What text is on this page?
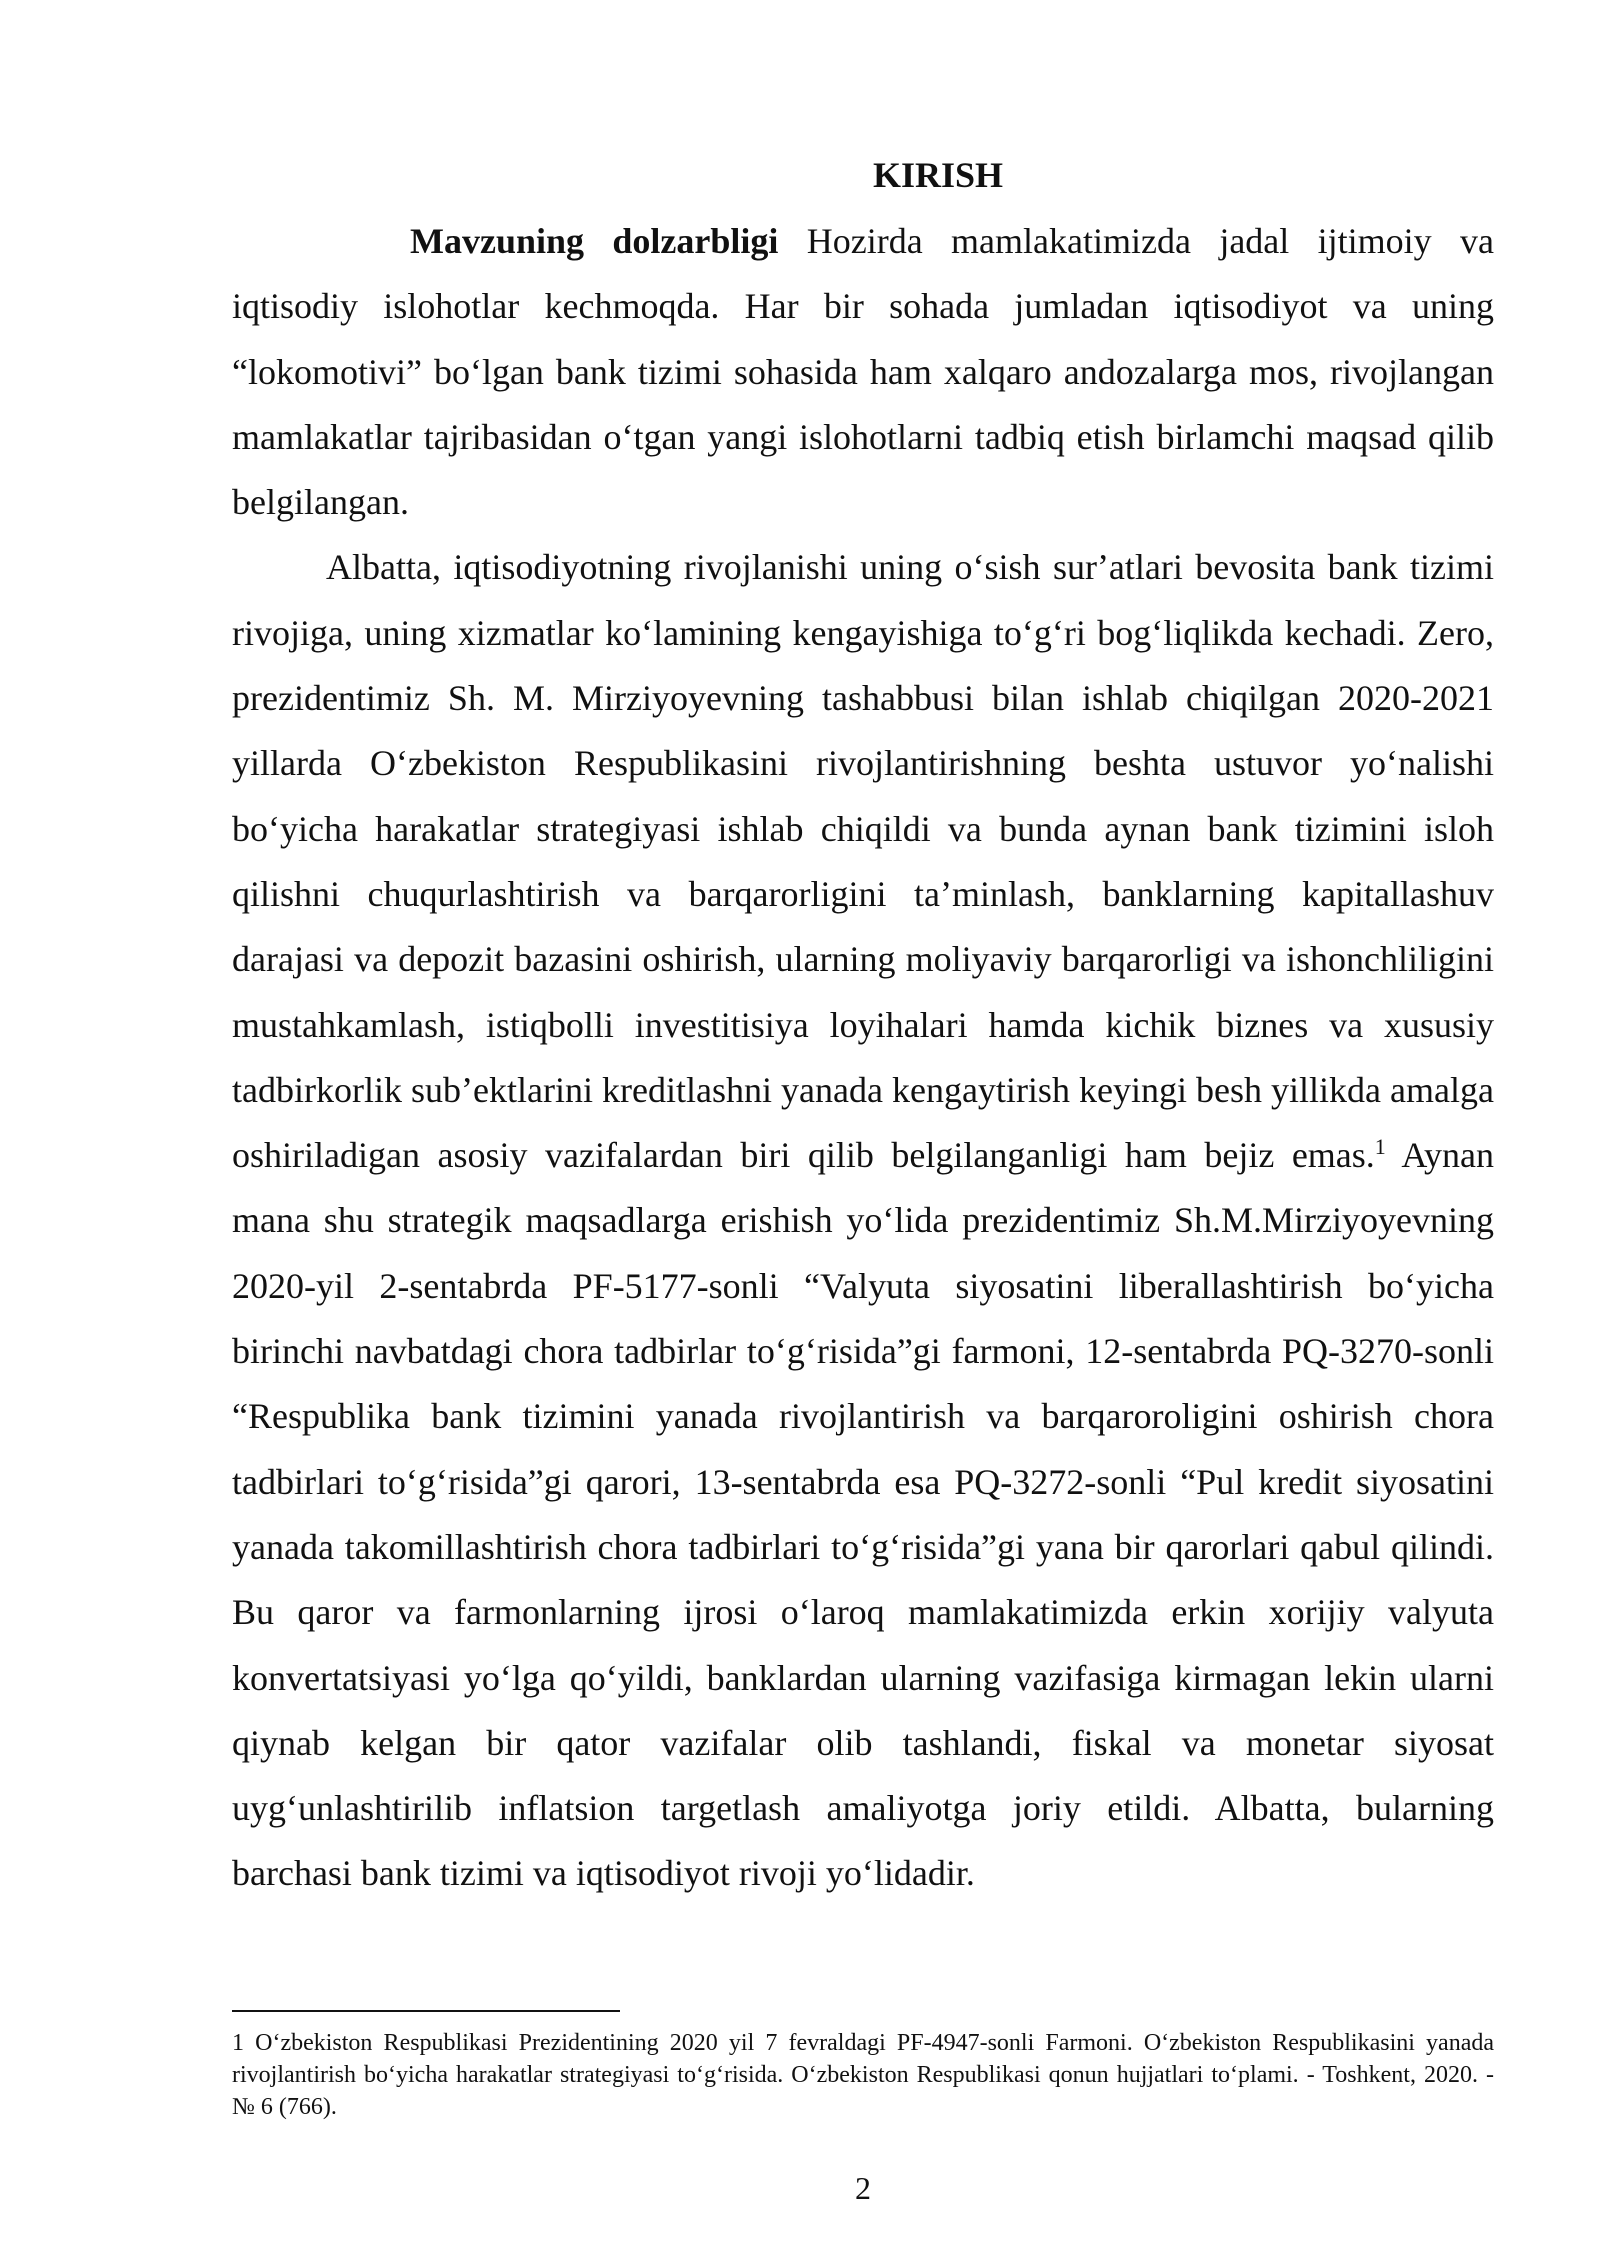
KIRISH

Mavzuning dolzarbligi Hozirda mamlakatimizda jadal ijtimoiy va iqtisodiy islohotlar kechmoqda. Har bir sohada jumladan iqtisodiyot va uning “lokomotivi” boʻlgan bank tizimi sohasida ham xalqaro andozalarga mos, rivojlangan mamlakatlar tajribasidan oʻtgan yangi islohotlarni tadbiq etish birlamchi maqsad qilib belgilangan.

Albatta, iqtisodiyotning rivojlanishi uning oʻsish surʼatlari bevosita bank tizimi rivojiga, uning xizmatlar koʻlamining kengayishiga toʻgʻri bogʻliqlikda kechadi. Zero, prezidentimiz Sh. M. Mirziyoyevning tashabbusi bilan ishlab chiqilgan 2020-2021 yillarda Oʻzbekiston Respublikasini rivojlantirishning beshta ustuvor yoʻnalishi boʻyicha harakatlar strategiyasi ishlab chiqildi va bunda aynan bank tizimini isloh qilishni chuqurlashtirish va barqarorligini taʼminlash, banklarning kapitallashuv darajasi va depozit bazasini oshirish, ularning moliyaviy barqarorligi va ishonchliligini mustahkamlash, istiqbolli investitisiya loyihalari hamda kichik biznes va xususiy tadbirkorlik subʼektlarini kreditlashni yanada kengaytirish keyingi besh yillikda amalga oshiriladigan asosiy vazifalardan biri qilib belgilanganligi ham bejiz emas.$^1$ Aynan mana shu strategik maqsadlarga erishish yoʻlida prezidentimiz Sh.M.Mirziyoyevning 2020-yil 2-sentabrda PF-5177-sonli “Valyuta siyosatini liberallashtirish boʻyicha birinchi navbatdagi chora tadbirlar toʻgʻrisida”gi farmoni, 12-sentabrda PQ-3270-sonli “Respublika bank tizimini yanada rivojlantirish va barqaroroligini oshirish chora tadbirlari toʻgʻrisida”gi qarori, 13-sentabrda esa PQ-3272-sonli “Pul kredit siyosatini yanada takomillashtirish chora tadbirlari toʻgʻrisida”gi yana bir qarorlari qabul qilindi. Bu qaror va farmonlarning ijrosi oʻlaroq mamlakatimizda erkin xorijiy valyuta konvertatsiyasi yoʻlga qoʻyildi, banklardan ularning vazifasiga kirmagan lekin ularni qiynab kelgan bir qator vazifalar olib tashlandi, fiskal va monetar siyosat uygʻunlashtirilib inflatsion targetlash amaliyotga joriy etildi. Albatta, bularning barchasi bank tizimi va iqtisodiyot rivoji yoʻlidadir.

1 Oʻzbekiston Respublikasi Prezidentining 2020 yil 7 fevraldagi PF-4947-sonli Farmoni. Oʻzbekiston Respublikasini yanada rivojlantirish boʻyicha harakatlar strategiyasi toʻgʻrisida. Oʻzbekiston Respublikasi qonun hujjatlari toʻplami. - Toshkent, 2020. - № 6 (766).

2
